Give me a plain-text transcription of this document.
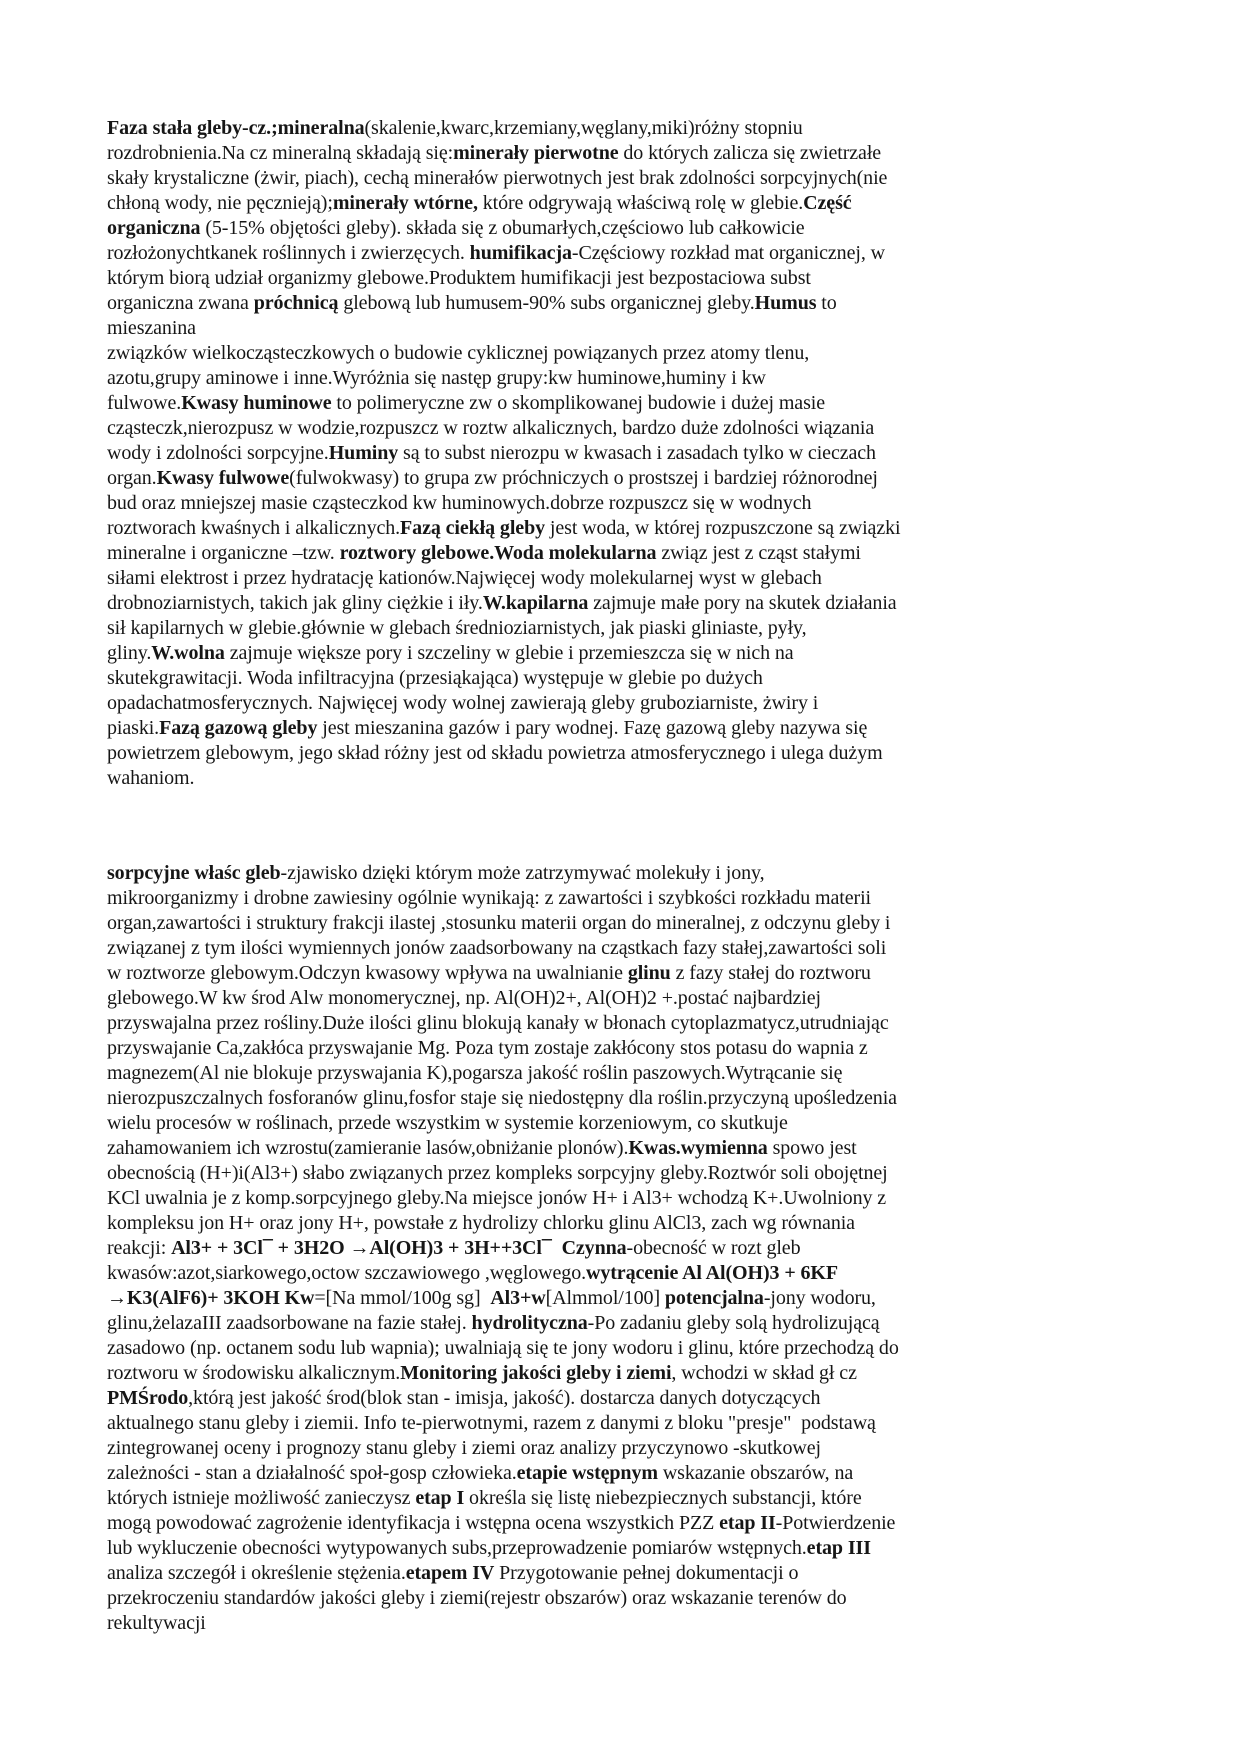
Faza stała gleby-cz.;mineralna(skalenie,kwarc,krzemiany,węglany,miki)różny stopniu
rozdrobnienia.Na cz mineralną składają się:minerały pierwotne do których zalicza się zwietrzałe
skały krystaliczne (żwir, piach), cechą minerałów pierwotnych jest brak zdolności sorpcyjnych(nie
chłoną wody, nie pęcznieją);minerały wtórne, które odgrywają właściwą rolę w glebie.Część
organiczna (5-15% objętości gleby). składa się z obumarłych,częściowo lub całkowicie
rozłożonychtkanek roślinnych i zwierzęcych. humifikacja-Częściowy rozkład mat organicznej, w
którym biorą udział organizmy glebowe.Produktem humifikacji jest bezpostaciowa subst
organiczna zwana próchnicą glebową lub humusem-90% subs organicznej gleby.Humus to
mieszanina
związków wielkocząsteczkowych o budowie cyklicznej powiązanych przez atomy tlenu,
azotu,grupy aminowe i inne.Wyróżnia się następ grupy:kw huminowe,huminy i kw
fulwowe.Kwasy huminowe to polimeryczne zw o skomplikowanej budowie i dużej masie
cząsteczk,nierozpusz w wodzie,rozpuszcz w roztw alkalicznych, bardzo duże zdolności wiązania
wody i zdolności sorpcyjne.Huminy są to subst nierozpu w kwasach i zasadach tylko w cieczach
organ.Kwasy fulwowe(fulwokwasy) to grupa zw próchniczych o prostszej i bardziej różnorodnej
bud oraz mniejszej masie cząsteczkod kw huminowych.dobrze rozpuszcz się w wodnych
roztworach kwaśnych i alkalicznych.Fazą ciekłą gleby jest woda, w której rozpuszczone są związki
mineralne i organiczne –tzw. roztwory glebowe.Woda molekularna związ jest z cząst stałymi
siłami elektrost i przez hydratację kationów.Najwięcej wody molekularnej wyst w glebach
drobnoziarnistych, takich jak gliny ciężkie i iły.W.kapilarna zajmuje małe pory na skutek działania
sił kapilarnych w glebie.głównie w glebach średnioziarnistych, jak piaski gliniaste, pyły,
gliny.W.wolna zajmuje większe pory i szczeliny w glebie i przemieszcza się w nich na
skutekgrawitacji. Woda infiltracyjna (przesiąkająca) występuje w glebie po dużych
opadachatmosferycznych. Najwięcej wody wolnej zawierają gleby gruboziarniste, żwiry i
piaski.Fazą gazową gleby jest mieszanina gazów i pary wodnej. Fazę gazową gleby nazywa się
powietrzem glebowym, jego skład różny jest od składu powietrza atmosferycznego i ulega dużym
wahaniom.
sorpcyjne właśc gleb-zjawisko dzięki którym może zatrzymywać molekuły i jony,
mikroorganizmy i drobne zawiesiny ogólnie wynikają: z zawartości i szybkości rozkładu materii
organ,zawartości i struktury frakcji ilastej ,stosunku materii organ do mineralnej, z odczynu gleby i
związanej z tym ilości wymiennych jonów zaadsorbowany na cząstkach fazy stałej,zawartości soli
w roztworze glebowym.Odczyn kwasowy wpływa na uwalnianie glinu z fazy stałej do roztworu
glebowego.W kw środ Alw monomerycznej, np. Al(OH)2+, Al(OH)2 +.postać najbardziej
przyswajalna przez rośliny.Duże ilości glinu blokują kanały w błonach cytoplazmatycz,utrudniając
przyswajanie Ca,zakłóca przyswajanie Mg. Poza tym zostaje zakłócony stos potasu do wapnia z
magnezem(Al nie blokuje przyswajania K),pogarsza jakość roślin paszowych.Wytrącanie się
nierozpuszczalnych fosforanów glinu,fosfor staje się niedostępny dla roślin.przyczyną upośledzenia
wielu procesów w roślinach, przede wszystkim w systemie korzeniowym, co skutkuje
zahamowaniem ich wzrostu(zamieranie lasów,obniżanie plonów).Kwas.wymienna spowo jest
obecnością (H+)i(Al3+) słabo związanych przez kompleks sorpcyjny gleby.Roztwór soli obojętnej
KCl uwalnia je z komp.sorpcyjnego gleby.Na miejsce jonów H+ i Al3+ wchodzą K+.Uwolniony z
kompleksu jon H+ oraz jony H+, powstałe z hydrolizy chlorku glinu AlCl3, zach wg równania
reakcji: Al3+ + 3Cl¯ + 3H2O →Al(OH)3 + 3H++3Cl¯ Czynna-obecność w rozt gleb
kwasów:azot,siarkowego,octow szczawiowego ,węglowego.wytrącenie Al Al(OH)3 + 6KF
→K3(AlF6)+ 3KOH Kw=[Na mmol/100g sg]  Al3+w[Almmol/100] potencjalna-jony wodoru,
glinu,żelazaIII zaadsorbowane na fazie stałej. hydrolityczna-Po zadaniu gleby solą hydrolizującą
zasadowo (np. octanem sodu lub wapnia); uwalniają się te jony wodoru i glinu, które przechodzą do
roztworu w środowisku alkalicznym.Monitoring jakości gleby i ziemi, wchodzi w skład gł cz
PMŚrodo,którą jest jakość środ(blok stan - imisja, jakość). dostarcza danych dotyczących
aktualnego stanu gleby i ziemii. Info te-pierwotnymi, razem z danymi z bloku "presje"  podstawą
zintegrowanej oceny i prognozy stanu gleby i ziemi oraz analizy przyczynowo -skutkowej
zależności - stan a działalność społ-gosp człowieka.etapie wstępnym wskazanie obszarów, na
których istnieje możliwość zanieczysz etap I określa się listę niebezpiecznych substancji, które
mogą powodować zagrożenie identyfikacja i wstępna ocena wszystkich PZZ etap II-Potwierdzenie
lub wykluczenie obecności wytypowanych subs,przeprowadzenie pomiarów wstępnych.etap III
analiza szczegół i określenie stężenia.etapem IV Przygotowanie pełnej dokumentacji o
przekroczeniu standardów jakości gleby i ziemi(rejestr obszarów) oraz wskazanie terenów do
rekultywacji
